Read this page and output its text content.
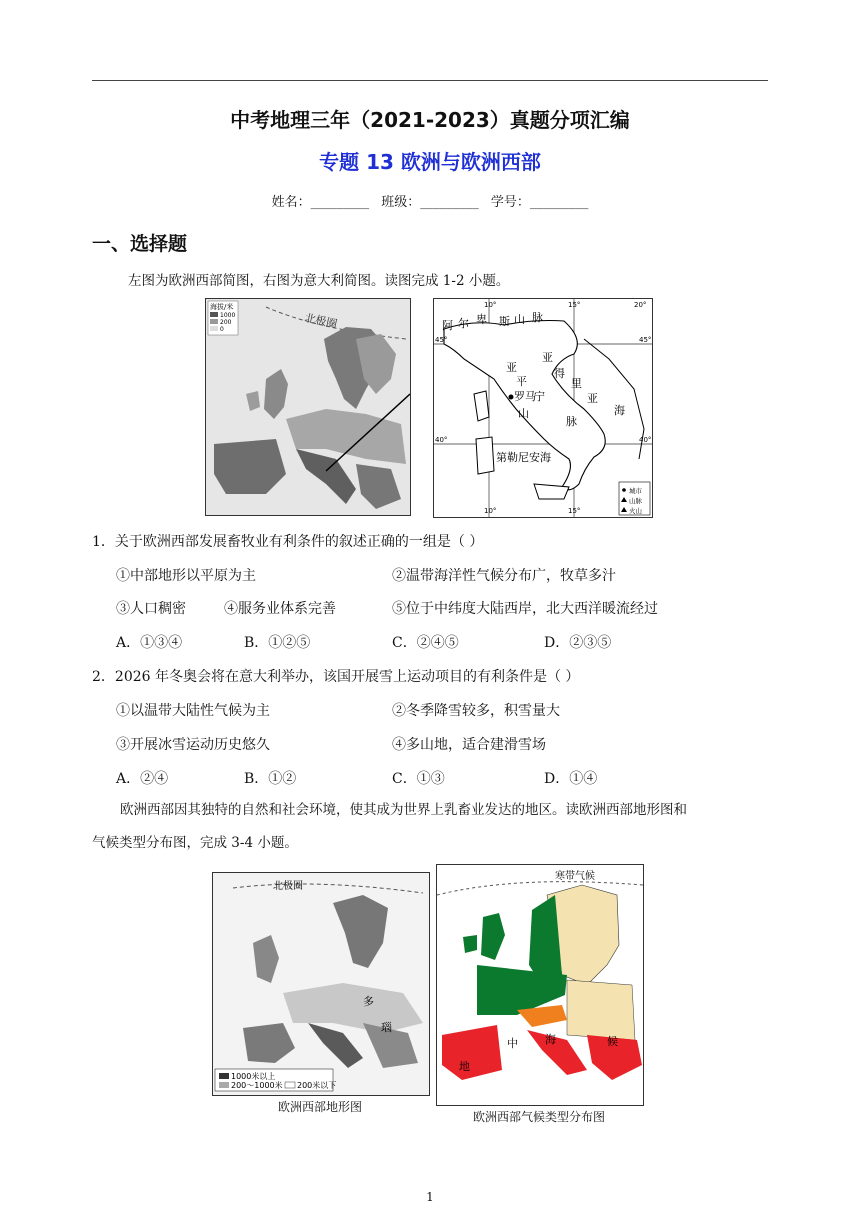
中考地理三年（2021-2023）真题分项汇编
专题 13 欧洲与欧洲西部
姓名：_________ 班级：_________ 学号：_________
一、选择题
左图为欧洲西部简图，右图为意大利简图。读图完成 1-2 小题。
北极圈
海拔/米
1000
200
0	阿 尔 卑 斯 山 脉
亚
得
里
亚
海
亚
平
宁
罗马
山
脉
第勒尼安海
10°	15°	20°
10°	15°
45°	45°
40°	40°
城市
山脉
火山
1．关于欧洲西部发展畜牧业有利条件的叙述正确的一组是（ ）
①中部地形以平原为主	②温带海洋性气候分布广，牧草多汁
③人口稠密	④服务业体系完善	⑤位于中纬度大陆西岸，北大西洋暖流经过
A．①③④	B．①②⑤	C．②④⑤	D．②③⑤
2．2026 年冬奥会将在意大利举办，该国开展雪上运动项目的有利条件是（ ）
①以温带大陆性气候为主	②冬季降雪较多，积雪量大
③开展冰雪运动历史悠久	④多山地，适合建滑雪场
A．②④	B．①②	C．①③	D．①④
欧洲西部因其独特的自然和社会环境，使其成为世界上乳畜业发达的地区。读欧洲西部地形图和
气候类型分布图，完成 3-4 小题。
北极圈
多
瑙
1000米以上
200～1000米 200米以下
欧洲西部地形图
寒带气候
地
中 海	候
欧洲西部气候类型分布图
1
